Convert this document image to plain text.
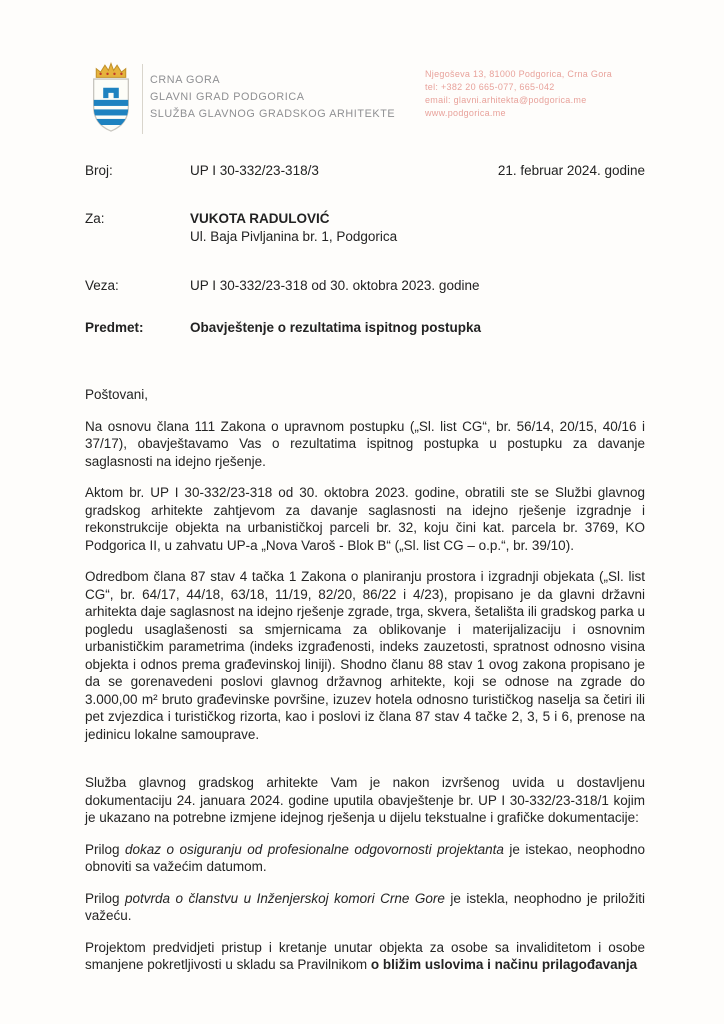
CRNA GORA
GLAVNI GRAD PODGORICA
SLUŽBA GLAVNOG GRADSKOG ARHITEKTE
Njegoševa 13, 81000 Podgorica, Crna Gora
tel: +382 20 665-077, 665-042
email: glavni.arhitekta@podgorica.me
www.podgorica.me
Broj:	UP I 30-332/23-318/3	21. februar 2024. godine
Za:	VUKOTA RADULOVIĆ
Ul. Baja Pivljanina br. 1, Podgorica
Veza:	UP I 30-332/23-318 od 30. oktobra 2023. godine
Predmet:	Obavještenje o rezultatima ispitnog postupka

Poštovani,

Na osnovu člana 111 Zakona o upravnom postupku („Sl. list CG“, br. 56/14, 20/15, 40/16 i 37/17), obavještavamo Vas o rezultatima ispitnog postupka u postupku za davanje saglasnosti na idejno rješenje.

Aktom br. UP I 30-332/23-318 od 30. oktobra 2023. godine, obratili ste se Službi glavnog gradskog arhitekte zahtjevom za davanje saglasnosti na idejno rješenje izgradnje i rekonstrukcije objekta na urbanističkoj parceli br. 32, koju čini kat. parcela br. 3769, KO Podgorica II, u zahvatu UP-a „Nova Varoš - Blok B“ („Sl. list CG – o.p.“, br. 39/10).

Odredbom člana 87 stav 4 tačka 1 Zakona o planiranju prostora i izgradnji objekata („Sl. list CG“, br. 64/17, 44/18, 63/18, 11/19, 82/20, 86/22 i 4/23), propisano je da glavni državni arhitekta daje saglasnost na idejno rješenje zgrade, trga, skvera, šetališta ili gradskog parka u pogledu usaglašenosti sa smjernicama za oblikovanje i materijalizaciju i osnovnim urbanističkim parametrima (indeks izgrađenosti, indeks zauzetosti, spratnost odnosno visina objekta i odnos prema građevinskoj liniji). Shodno članu 88 stav 1 ovog zakona propisano je da se gorenavedeni poslovi glavnog državnog arhitekte, koji se odnose na zgrade do 3.000,00 m² bruto građevinske površine, izuzev hotela odnosno turističkog naselja sa četiri ili pet zvjezdica i turističkog rizorta, kao i poslovi iz člana 87 stav 4 tačke 2, 3, 5 i 6, prenose na jedinicu lokalne samouprave.

Služba glavnog gradskog arhitekte Vam je nakon izvršenog uvida u dostavljenu dokumentaciju 24. januara 2024. godine uputila obavještenje br. UP I 30-332/23-318/1 kojim je ukazano na potrebne izmjene idejnog rješenja u dijelu tekstualne i grafičke dokumentacije:

Prilog dokaz o osiguranju od profesionalne odgovornosti projektanta je istekao, neophodno obnoviti sa važećim datumom.

Prilog potvrda o članstvu u Inženjerskoj komori Crne Gore je istekla, neophodno je priložiti važeću.

Projektom predvidjeti pristup i kretanje unutar objekta za osobe sa invaliditetom i osobe smanjene pokretljivosti u skladu sa Pravilnikom o bližim uslovima i načinu prilagođavanja
